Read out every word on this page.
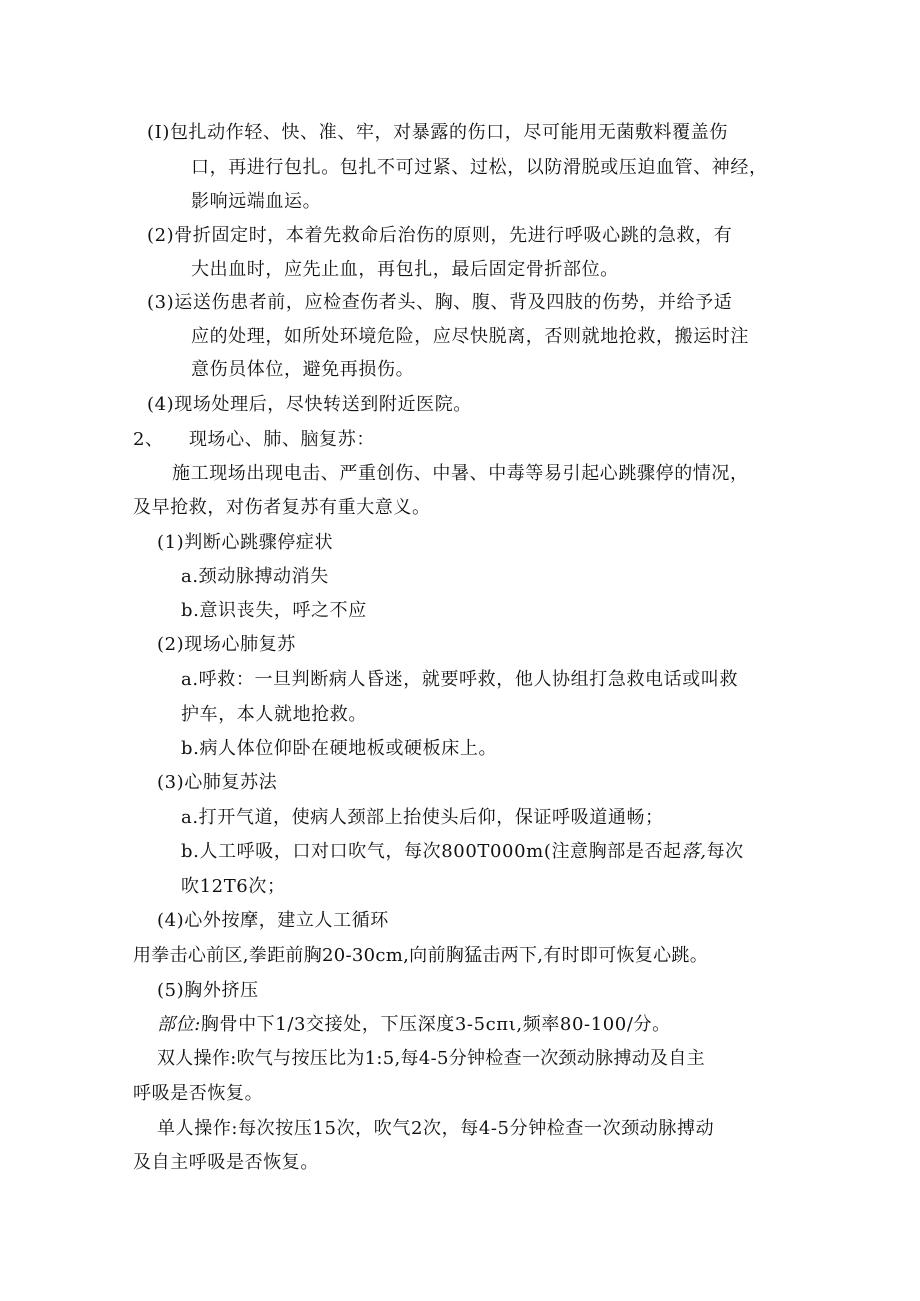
(I)包扎动作轻、快、准、牢，对暴露的伤口，尽可能用无菌敷料覆盖伤
口，再进行包扎。包扎不可过紧、过松，以防滑脱或压迫血管、神经，
影响远端血运。
(2)骨折固定时，本着先救命后治伤的原则，先进行呼吸心跳的急救，有
大出血时，应先止血，再包扎，最后固定骨折部位。
(3)运送伤患者前，应检查伤者头、胸、腹、背及四肢的伤势，并给予适
应的处理，如所处环境危险，应尽快脱离，否则就地抢救，搬运时注
意伤员体位，避免再损伤。
(4)现场处理后，尽快转送到附近医院。
2、    现场心、肺、脑复苏：
施工现场出现电击、严重创伤、中暑、中毒等易引起心跳骤停的情况，
及早抢救，对伤者复苏有重大意义。
(1)判断心跳骤停症状
a.颈动脉搏动消失
b.意识丧失，呼之不应
(2)现场心肺复苏
a.呼救：一旦判断病人昏迷，就要呼救，他人协组打急救电话或叫救
护车，本人就地抢救。
b.病人体位仰卧在硬地板或硬板床上。
(3)心肺复苏法
a.打开气道，使病人颈部上抬使头后仰，保证呼吸道通畅；
b.人工呼吸，口对口吹气，每次800T000m(注意胸部是否起落,每次
吹12T6次；
(4)心外按摩，建立人工循环
用拳击心前区,拳距前胸20-30cm,向前胸猛击两下,有时即可恢复心跳。
(5)胸外挤压
部位:胸骨中下1/3交接处，下压深度3-5cπι,频率80-100/分。
双人操作:吹气与按压比为1:5,每4-5分钟检查一次颈动脉搏动及自主
呼吸是否恢复。
单人操作:每次按压15次，吹气2次，每4-5分钟检查一次颈动脉搏动
及自主呼吸是否恢复。
